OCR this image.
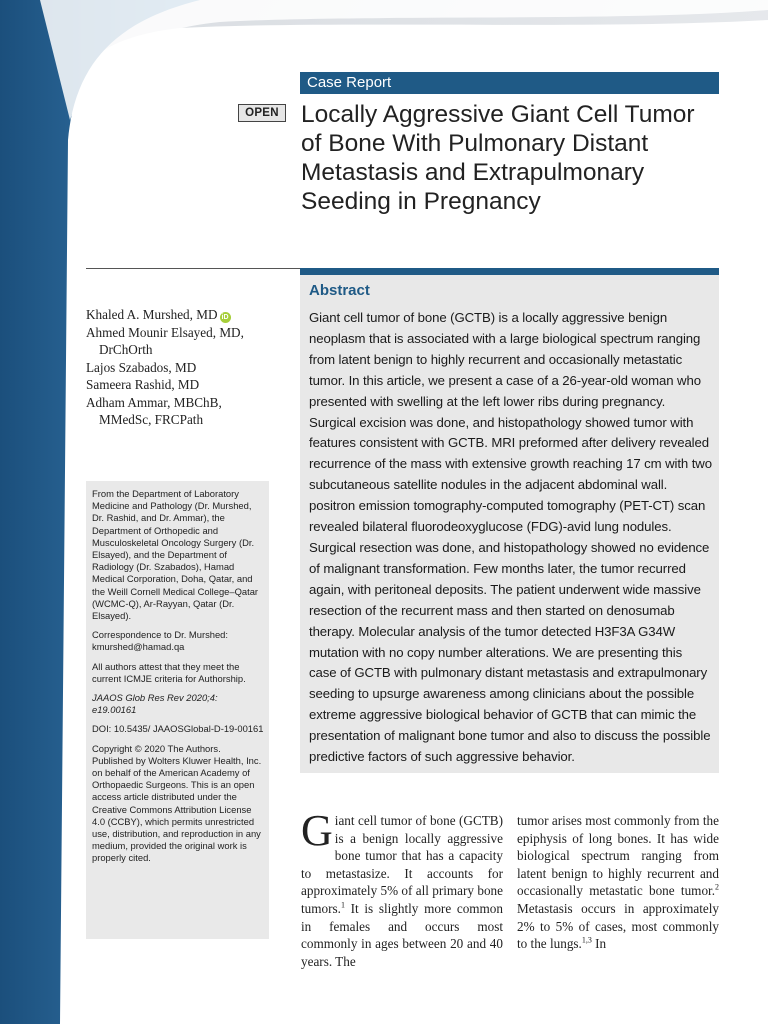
Case Report
OPEN Locally Aggressive Giant Cell Tumor of Bone With Pulmonary Distant Metastasis and Extrapulmonary Seeding in Pregnancy
Abstract

Giant cell tumor of bone (GCTB) is a locally aggressive benign neoplasm that is associated with a large biological spectrum ranging from latent benign to highly recurrent and occasionally metastatic tumor. In this article, we present a case of a 26-year-old woman who presented with swelling at the left lower ribs during pregnancy. Surgical excision was done, and histopathology showed tumor with features consistent with GCTB. MRI preformed after delivery revealed recurrence of the mass with extensive growth reaching 17 cm with two subcutaneous satellite nodules in the adjacent abdominal wall. positron emission tomography-computed tomography (PET-CT) scan revealed bilateral fluorodeoxyglucose (FDG)-avid lung nodules. Surgical resection was done, and histopathology showed no evidence of malignant transformation. Few months later, the tumor recurred again, with peritoneal deposits. The patient underwent wide massive resection of the recurrent mass and then started on denosumab therapy. Molecular analysis of the tumor detected H3F3A G34W mutation with no copy number alterations. We are presenting this case of GCTB with pulmonary distant metastasis and extrapulmonary seeding to upsurge awareness among clinicians about the possible extreme aggressive biological behavior of GCTB that can mimic the presentation of malignant bone tumor and also to discuss the possible predictive factors of such aggressive behavior.

Khaled A. Murshed, MD iD
Ahmed Mounir Elsayed, MD,
DrChOrth
Lajos Szabados, MD
Sameera Rashid, MD
Adham Ammar, MBChB,
MMedSc, FRCPath

From the Department of Laboratory Medicine and Pathology (Dr. Murshed, Dr. Rashid, and Dr. Ammar), the Department of Orthopedic and Musculoskeletal Oncology Surgery (Dr. Elsayed), and the Department of Radiology (Dr. Szabados), Hamad Medical Corporation, Doha, Qatar, and the Weill Cornell Medical College–Qatar (WCMC-Q), Ar-Rayyan, Qatar (Dr. Elsayed).

Correspondence to Dr. Murshed: kmurshed@hamad.qa

All authors attest that they meet the current ICMJE criteria for Authorship.

JAAOS Glob Res Rev 2020;4: e19.00161

DOI: 10.5435/ JAAOSGlobal-D-19-00161

Copyright © 2020 The Authors. Published by Wolters Kluwer Health, Inc. on behalf of the American Academy of Orthopaedic Surgeons. This is an open access article distributed under the Creative Commons Attribution License 4.0 (CCBY), which permits unrestricted use, distribution, and reproduction in any medium, provided the original work is properly cited.

Giant cell tumor of bone (GCTB) is a benign locally aggressive bone tumor that has a capacity to metastasize. It accounts for approximately 5% of all primary bone tumors.$^1$ It is slightly more common in females and occurs most commonly in ages between 20 and 40 years. The
tumor arises most commonly from the epiphysis of long bones. It has wide biological spectrum ranging from latent benign to highly recurrent and occasionally metastatic bone tumor.$^2$ Metastasis occurs in approximately 2% to 5% of cases, most commonly to the lungs.$^{1,3}$ In
